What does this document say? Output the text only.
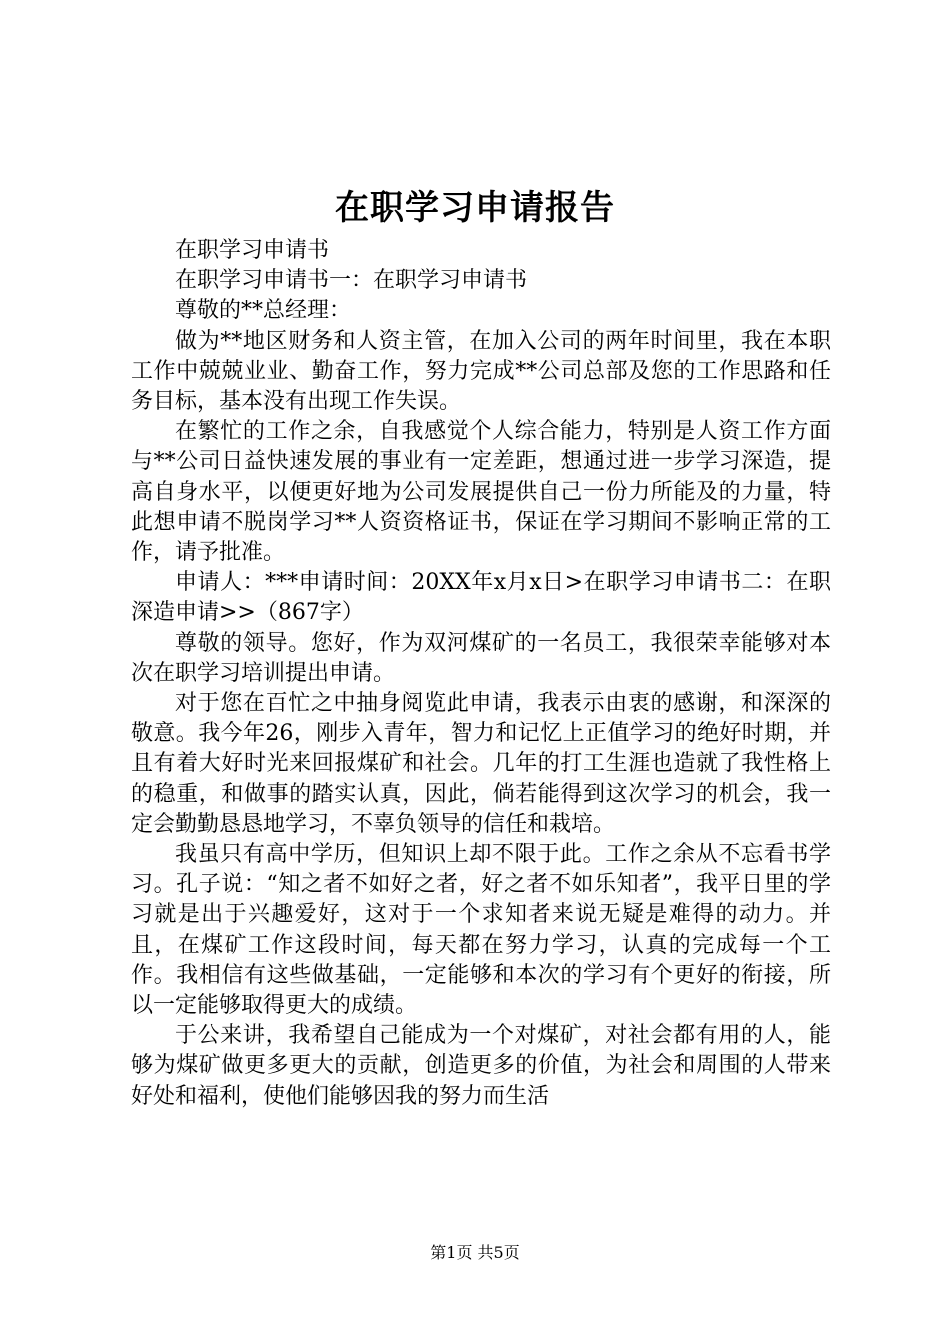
在职学习申请报告

在职学习申请书

在职学习申请书一：在职学习申请书

尊敬的**总经理：

做为**地区财务和人资主管，在加入公司的两年时间里，我在本职工作中兢兢业业、勤奋工作，努力完成**公司总部及您的工作思路和任务目标，基本没有出现工作失误。

在繁忙的工作之余，自我感觉个人综合能力，特别是人资工作方面与**公司日益快速发展的事业有一定差距，想通过进一步学习深造，提高自身水平，以便更好地为公司发展提供自己一份力所能及的力量，特此想申请不脱岗学习**人资资格证书，保证在学习期间不影响正常的工作，请予批准。

申请人：***申请时间：20XX年x月x日>在职学习申请书二：在职深造申请>>（867字）

尊敬的领导。您好，作为双河煤矿的一名员工，我很荣幸能够对本次在职学习培训提出申请。

对于您在百忙之中抽身阅览此申请，我表示由衷的感谢，和深深的敬意。我今年26，刚步入青年，智力和记忆上正值学习的绝好时期，并且有着大好时光来回报煤矿和社会。几年的打工生涯也造就了我性格上的稳重，和做事的踏实认真，因此，倘若能得到这次学习的机会，我一定会勤勤恳恳地学习，不辜负领导的信任和栽培。

我虽只有高中学历，但知识上却不限于此。工作之余从不忘看书学习。孔子说：“知之者不如好之者，好之者不如乐知者”，我平日里的学习就是出于兴趣爱好，这对于一个求知者来说无疑是难得的动力。并且，在煤矿工作这段时间，每天都在努力学习，认真的完成每一个工作。我相信有这些做基础，一定能够和本次的学习有个更好的衔接，所以一定能够取得更大的成绩。

于公来讲，我希望自己能成为一个对煤矿，对社会都有用的人，能够为煤矿做更多更大的贡献，创造更多的价值，为社会和周围的人带来好处和福利，使他们能够因我的努力而生活

第1页 共5页
